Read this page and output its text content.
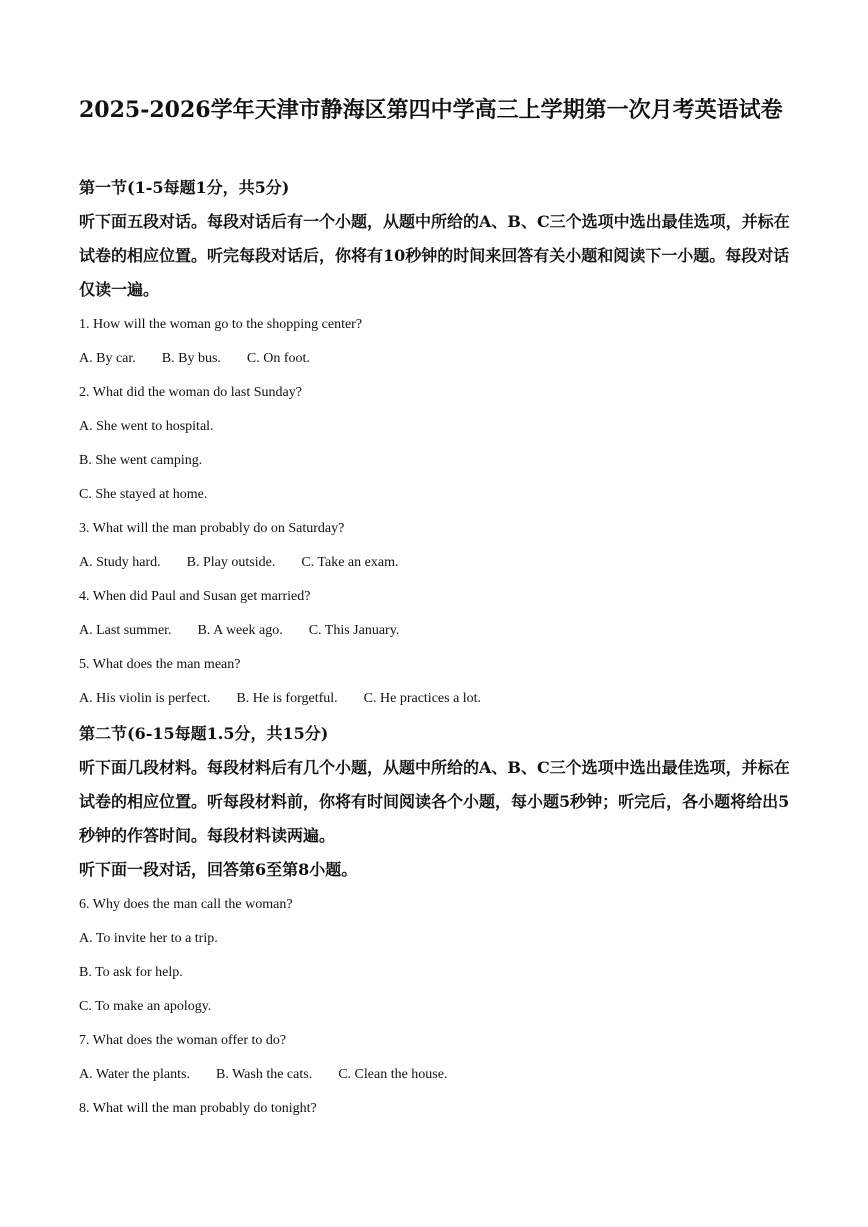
2025-2026学年天津市静海区第四中学高三上学期第一次月考英语试卷

第一节(1-5每题1分，共5分)

听下面五段对话。每段对话后有一个小题，从题中所给的A、B、C三个选项中选出最佳选项，并标在试卷的相应位置。听完每段对话后，你将有10秒钟的时间来回答有关小题和阅读下一小题。每段对话仅读一遍。

1. How will the woman go to the shopping center?

A. By car. B. By bus. C. On foot.

2. What did the woman do last Sunday?

A. She went to hospital.

B. She went camping.

C. She stayed at home.

3. What will the man probably do on Saturday?

A. Study hard. B. Play outside. C. Take an exam.

4. When did Paul and Susan get married?

A. Last summer. B. A week ago. C. This January.

5. What does the man mean?

A. His violin is perfect. B. He is forgetful. C. He practices a lot.

第二节(6-15每题1.5分，共15分)

听下面几段材料。每段材料后有几个小题，从题中所给的A、B、C三个选项中选出最佳选项，并标在试卷的相应位置。听每段材料前，你将有时间阅读各个小题，每小题5秒钟；听完后，各小题将给出5秒钟的作答时间。每段材料读两遍。

听下面一段对话，回答第6至第8小题。

6. Why does the man call the woman?

A. To invite her to a trip.

B. To ask for help.

C. To make an apology.

7. What does the woman offer to do?

A. Water the plants. B. Wash the cats. C. Clean the house.

8. What will the man probably do tonight?
